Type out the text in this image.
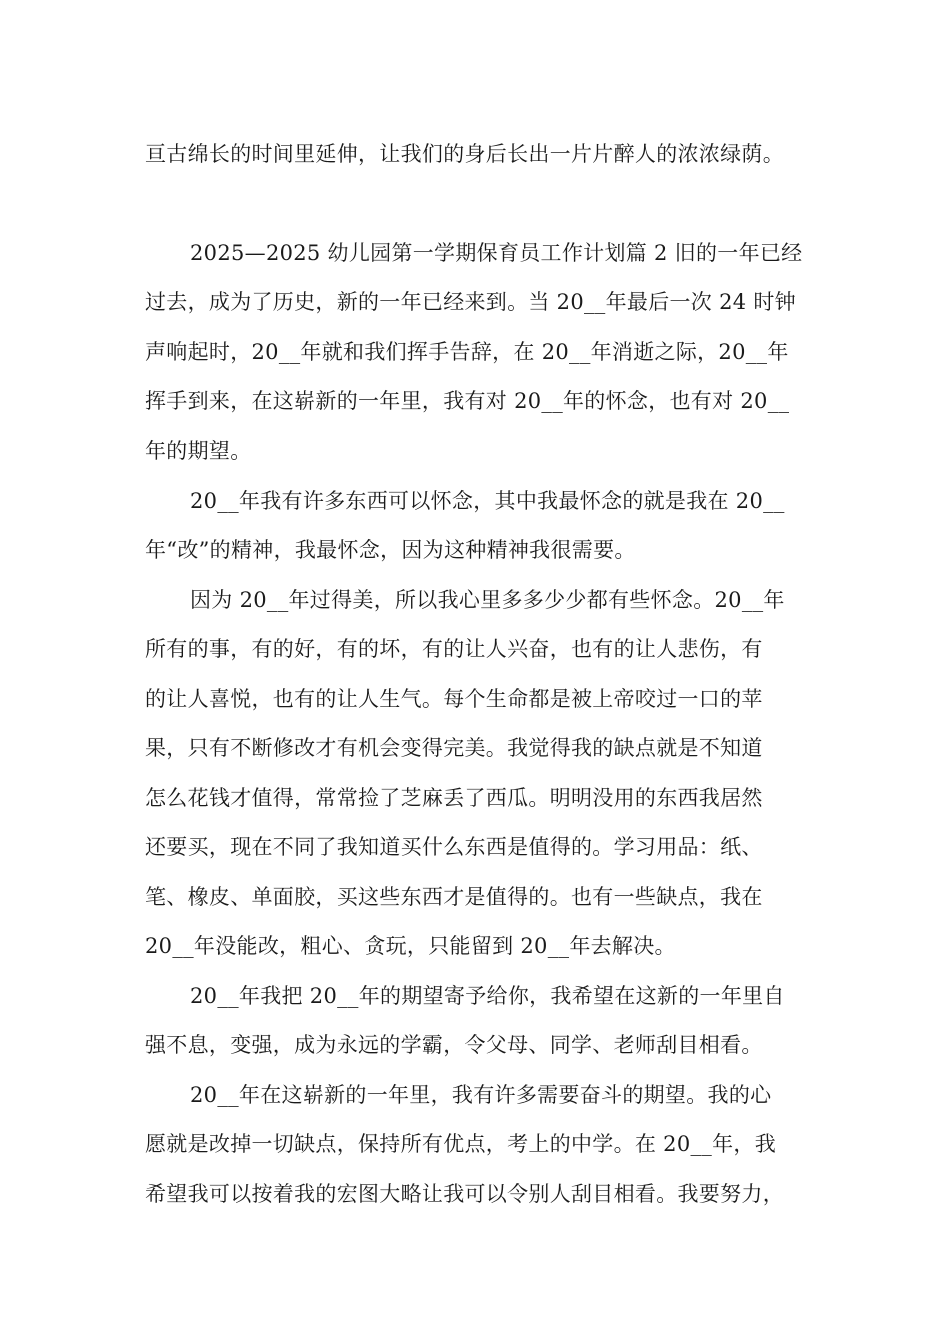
亘古绵长的时间里延伸，让我们的身后长出一片片醉人的浓浓绿荫。
2025—2025 幼儿园第一学期保育员工作计划篇 2 旧的一年已经
过去，成为了历史，新的一年已经来到。当 20__年最后一次 24 时钟
声响起时，20__年就和我们挥手告辞，在 20__年消逝之际，20__年
挥手到来，在这崭新的一年里，我有对 20__年的怀念，也有对 20__
年的期望。
20__年我有许多东西可以怀念，其中我最怀念的就是我在 20__
年“改”的精神，我最怀念，因为这种精神我很需要。
因为 20__年过得美，所以我心里多多少少都有些怀念。20__年
所有的事，有的好，有的坏，有的让人兴奋，也有的让人悲伤，有
的让人喜悦，也有的让人生气。每个生命都是被上帝咬过一口的苹
果，只有不断修改才有机会变得完美。我觉得我的缺点就是不知道
怎么花钱才值得，常常捡了芝麻丢了西瓜。明明没用的东西我居然
还要买，现在不同了我知道买什么东西是值得的。学习用品：纸、
笔、橡皮、单面胶，买这些东西才是值得的。也有一些缺点，我在
20__年没能改，粗心、贪玩，只能留到 20__年去解决。
20__年我把 20__年的期望寄予给你，我希望在这新的一年里自
强不息，变强，成为永远的学霸，令父母、同学、老师刮目相看。
20__年在这崭新的一年里，我有许多需要奋斗的期望。我的心
愿就是改掉一切缺点，保持所有优点，考上的中学。在 20__年，我
希望我可以按着我的宏图大略让我可以令别人刮目相看。我要努力，
